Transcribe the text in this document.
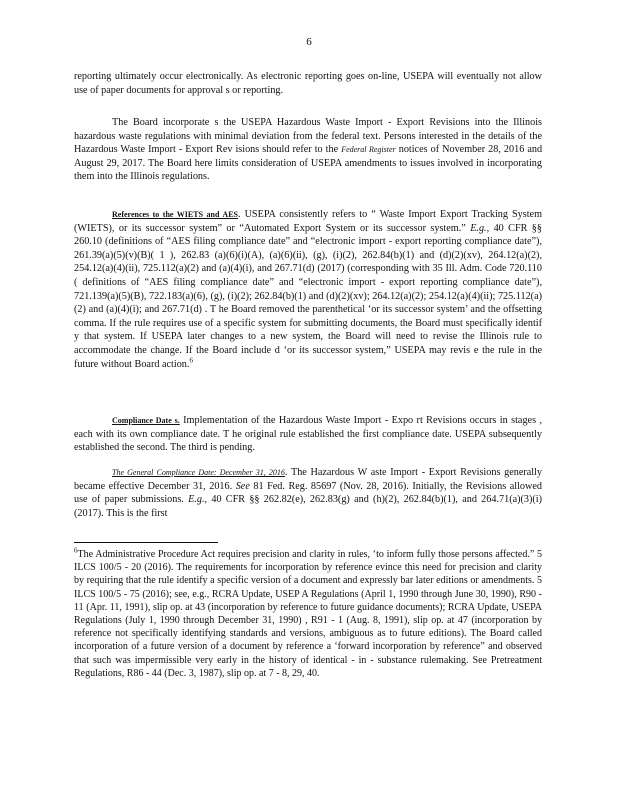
6

reporting ultimately occur electronically. As electronic reporting goes on-line, USEPA will eventually not allow use of paper documents for approval s or reporting.

The Board incorporate s the USEPA Hazardous Waste Import - Export Revisions into the Illinois hazardous waste regulations with minimal deviation from the federal text. Persons interested in the details of the Hazardous Waste Import - Export Rev isions should refer to the Federal Register notices of November 28, 2016 and August 29, 2017. The Board here limits consideration of USEPA amendments to issues involved in incorporating them into the Illinois regulations.

References to the WIETS and AES. USEPA consistently refers to “ Waste Import Export Tracking System (WIETS), or its successor system” or “Automated Export System or its successor system.” E.g., 40 CFR §§ 260.10 (definitions of “AES filing compliance date” and “electronic import - export reporting compliance date”), 261.39(a)(5)(v)(B)( 1 ), 262.83 (a)(6)(i)(A), (a)(6)(ii), (g), (i)(2), 262.84(b)(1) and (d)(2)(xv), 264.12(a)(2), 254.12(a)(4)(ii), 725.112(a)(2) and (a)(4)(i), and 267.71(d) (2017) (corresponding with 35 Ill. Adm. Code 720.110 ( definitions of “AES filing compliance date” and “electronic import - export reporting compliance date”), 721.139(a)(5)(B), 722.183(a)(6), (g), (i)(2); 262.84(b)(1) and (d)(2)(xv); 264.12(a)(2); 254.12(a)(4)(ii); 725.112(a)(2) and (a)(4)(i); and 267.71(d) . T he Board removed the parenthetical ‘or its successor system’ and the offsetting comma. If the rule requires use of a specific system for submitting documents, the Board must specifically identif y that system. If USEPA later changes to a new system, the Board will need to revise the Illinois rule to accommodate the change. If the Board include d ‘or its successor system,” USEPA may revis e the rule in the future without Board action.$^6$

Compliance Date s. Implementation of the Hazardous Waste Import - Expo rt Revisions occurs in stages , each with its own compliance date. T he original rule established the first compliance date. USEPA subsequently established the second. The third is pending.

The General Compliance Date: December 31, 2016. The Hazardous W aste Import - Export Revisions generally became effective December 31, 2016. See 81 Fed. Reg. 85697 (Nov. 28, 2016). Initially, the Revisions allowed use of paper submissions. E.g., 40 CFR §§ 262.82(e), 262.83(g) and (h)(2), 262.84(b)(1), and 264.71(a)(3)(i) (2017). This is the first

$^6$The Administrative Procedure Act requires precision and clarity in rules, ‘to inform fully those persons affected.” 5 ILCS 100/5 - 20 (2016). The requirements for incorporation by reference evince this need for precision and clarity by requiring that the rule identify a specific version of a document and expressly bar later editions or amendments. 5 ILCS 100/5 - 75 (2016); see, e.g., RCRA Update, USEP A Regulations (April 1, 1990 through June 30, 1990), R90 - 11 (Apr. 11, 1991), slip op. at 43 (incorporation by reference to future guidance documents); RCRA Update, USEPA Regulations (July 1, 1990 through December 31, 1990) , R91 - 1 (Aug. 8, 1991), slip op. at 47 (incorporation by reference not specifically identifying standards and versions, ambiguous as to future editions). The Board called incorporation of a future version of a document by reference a ‘forward incorporation by reference” and observed that such was impermissible very early in the history of identical - in - substance rulemaking. See Pretreatment Regulations, R86 - 44 (Dec. 3, 1987), slip op. at 7 - 8, 29, 40.
